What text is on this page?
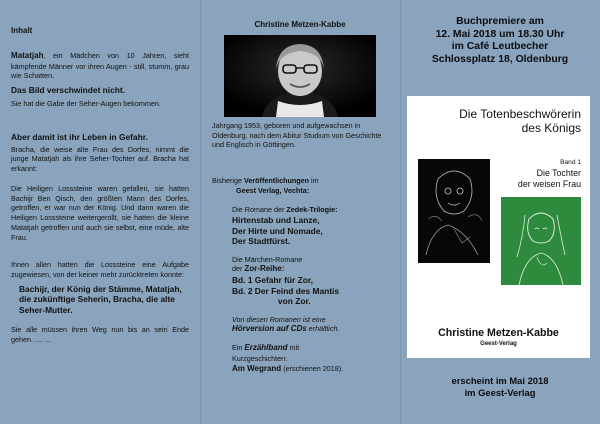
Inhalt

Matatjah, ein Mädchen von 10 Jahren, sieht kämpfende Männer vor ihren Augen - still, stumm, grau wie Schatten.

Das Bild verschwindet nicht.

Sie hat die Gabe der Seher-Augen bekommen.

Aber damit ist ihr Leben in Gefahr.

Bracha, die weise alte Frau des Dorfes, nimmt die junge Matatjah als ihre Seher-Tochter auf. Bracha hat erkannt:

Die Heiligen Losssteine waren gefallen, sie hatten Bachijr Ben Qisch, den größten Mann des Dorfes, getroffen, er war nun der König. Und dann waren die Heiligen Losssteine weitergerollt, sie hatten die kleine Matatjah getroffen und auch sie selbst, eine müde, alte Frau.

Ihnen allen hatten die Losssteine eine Aufgabe zugewiesen, von der keiner mehr zurücktreten konnte:

Bachijr, der König der Stämme, Matatjah, die zukünftige Seherin, Bracha, die alte Seher-Mutter.

Sie alle müssen ihren Weg nun bis an sein Ende gehen. .... ...

Christine Metzen-Kabbe

Jahrgang 1953, geboren und aufgewachsen in Oldenburg, nach dem Abitur Studium von Geschichte und Englisch in Göttingen.

Bisherige Veröffentlichungen im

Geest Verlag, Vechta:

Die Romane der Zedek-Trilogie:

Hirtenstab und Lanze,

Der Hirte und Nomade,

Der Stadtfürst.

Die Märchen-Romane

der Zor-Reihe:

Bd. 1 Gefahr für Zor,

Bd. 2 Der Feind des Mantis

von Zor.

Von diesen Romanen ist eine

Hörversion auf CDs erhältlich.

Ein Erzählband mit

Kurzgeschichten:

Am Wegrand (erschienen 2018).

Buchpremiere am
12. Mai 2018 um 18.30 Uhr
im Café Leutbecher
Schlossplatz 18, Oldenburg
Die Totenbeschwörerin
des Königs
Band 1
Die Tochter
der weisen Frau
Christine Metzen-Kabbe
Geest-Verlag
erscheint im Mai 2018
im Geest-Verlag
